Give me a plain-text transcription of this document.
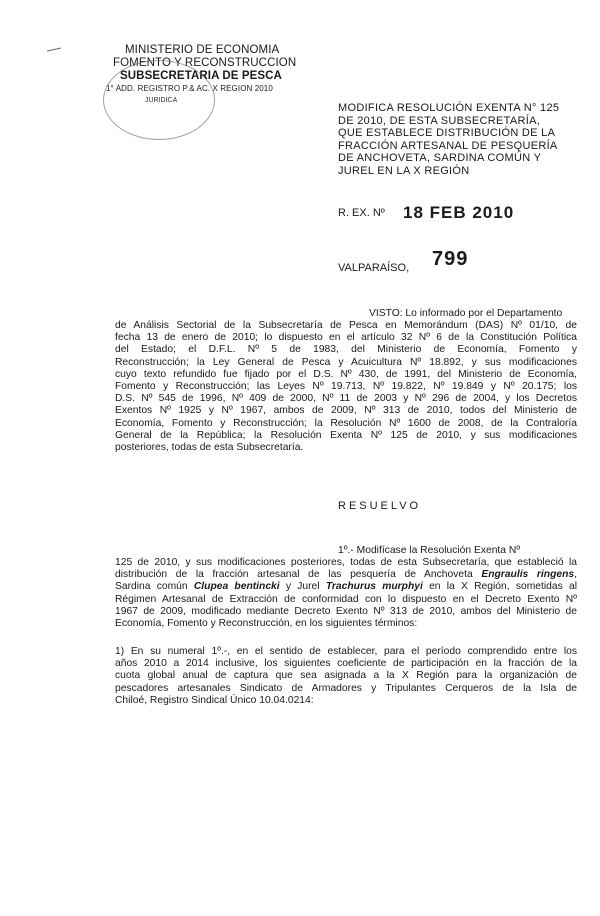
MINISTERIO DE ECONOMIA
FOMENTO Y RECONSTRUCCION
SUBSECRETARIA DE PESCA
1° ADD. REGISTRO P.& AC. X REGION 2010
JURIDICA
MODIFICA RESOLUCIÓN EXENTA N° 125
DE 2010, DE ESTA SUBSECRETARÍA,
QUE ESTABLECE DISTRIBUCIÓN DE LA
FRACCIÓN ARTESANAL DE PESQUERÍA
DE ANCHOVETA, SARDINA COMÚN Y
JUREL EN LA X REGIÓN
R. EX. Nº 18 FEB 2010
VALPARAÍSO, 799
VISTO: Lo informado por el Departamento
de Análisis Sectorial de la Subsecretaría de Pesca en Memorándum (DAS) Nº 01/10, de
fecha 13 de enero de 2010; lo dispuesto en el artículo 32 Nº 6 de la Constitución Política
del Estado; el D.F.L. Nº 5 de 1983, del Ministerio de Economía, Fomento y
Reconstrucción; la Ley General de Pesca y Acuicultura Nº 18.892, y sus modificaciones
cuyo texto refundido fue fijado por el D.S. Nº 430, de 1991, del Ministerio de Economía,
Fomento y Reconstrucción; las Leyes Nº 19.713, Nº 19.822, Nº 19.849 y Nº 20.175; los
D.S. Nº 545 de 1996, Nº 409 de 2000, Nº 11 de 2003 y Nº 296 de 2004, y los Decretos
Exentos Nº 1925 y Nº 1967, ambos de 2009, Nº 313 de 2010, todos del Ministerio de
Economía, Fomento y Reconstrucción; la Resolución Nº 1600 de 2008, de la Contraloría
General de la República; la Resolución Exenta Nº 125 de 2010, y sus modificaciones
posteriores, todas de esta Subsecretaría.
RESUELVO
1º.- Modifícase la Resolución Exenta Nº
125 de 2010, y sus modificaciones posteriores, todas de esta Subsecretaría, que estableció la
distribución de la fracción artesanal de las pesquería de Anchoveta Engraulis ringens,
Sardina común Clupea bentincki y Jurel Trachurus murphyi en la X Región, sometidas al
Régimen Artesanal de Extracción de conformidad con lo dispuesto en el Decreto Exento Nº
1967 de 2009, modificado mediante Decreto Exento Nº 313 de 2010, ambos del Ministerio de
Economía, Fomento y Reconstrucción, en los siguientes términos:
1) En su numeral 1º.-, en el sentido de establecer, para el período comprendido entre los
años 2010 a 2014 inclusive, los siguientes coeficiente de participación en la fracción de la
cuota global anual de captura que sea asignada a la X Región para la organización de
pescadores artesanales Sindicato de Armadores y Tripulantes Cerqueros de la Isla de
Chiloé, Registro Sindical Único 10.04.0214:
